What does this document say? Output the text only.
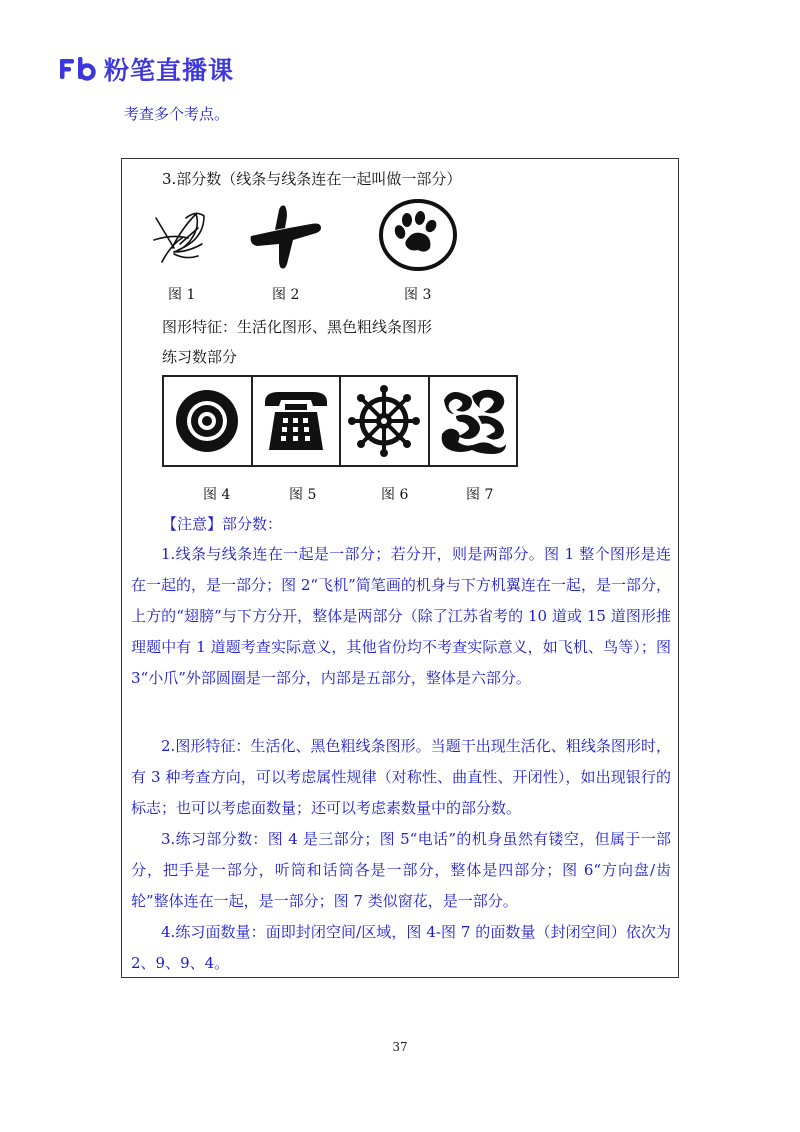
粉笔直播课
考查多个考点。
3.部分数（线条与线条连在一起叫做一部分）
图 1	图 2	图 3
图形特征：生活化图形、黑色粗线条图形
练习数部分
图 4	图 5	图 6	图 7
【注意】部分数：
1.线条与线条连在一起是一部分；若分开，则是两部分。图 1 整个图形是连在一起的，是一部分；图 2“飞机”简笔画的机身与下方机翼连在一起，是一部分，上方的“翅膀”与下方分开，整体是两部分（除了江苏省考的 10 道或 15 道图形推理题中有 1 道题考查实际意义，其他省份均不考查实际意义，如飞机、鸟等）；图 3“小爪”外部圆圈是一部分，内部是五部分，整体是六部分。
2.图形特征：生活化、黑色粗线条图形。当题干出现生活化、粗线条图形时，有 3 种考查方向，可以考虑属性规律（对称性、曲直性、开闭性），如出现银行的标志；也可以考虑面数量；还可以考虑素数量中的部分数。
3.练习部分数：图 4 是三部分；图 5“电话”的机身虽然有镂空，但属于一部分，把手是一部分，听筒和话筒各是一部分，整体是四部分；图 6“方向盘/齿轮”整体连在一起，是一部分；图 7 类似窗花，是一部分。
4.练习面数量：面即封闭空间/区域，图 4-图 7 的面数量（封闭空间）依次为 2、9、9、4。
37
